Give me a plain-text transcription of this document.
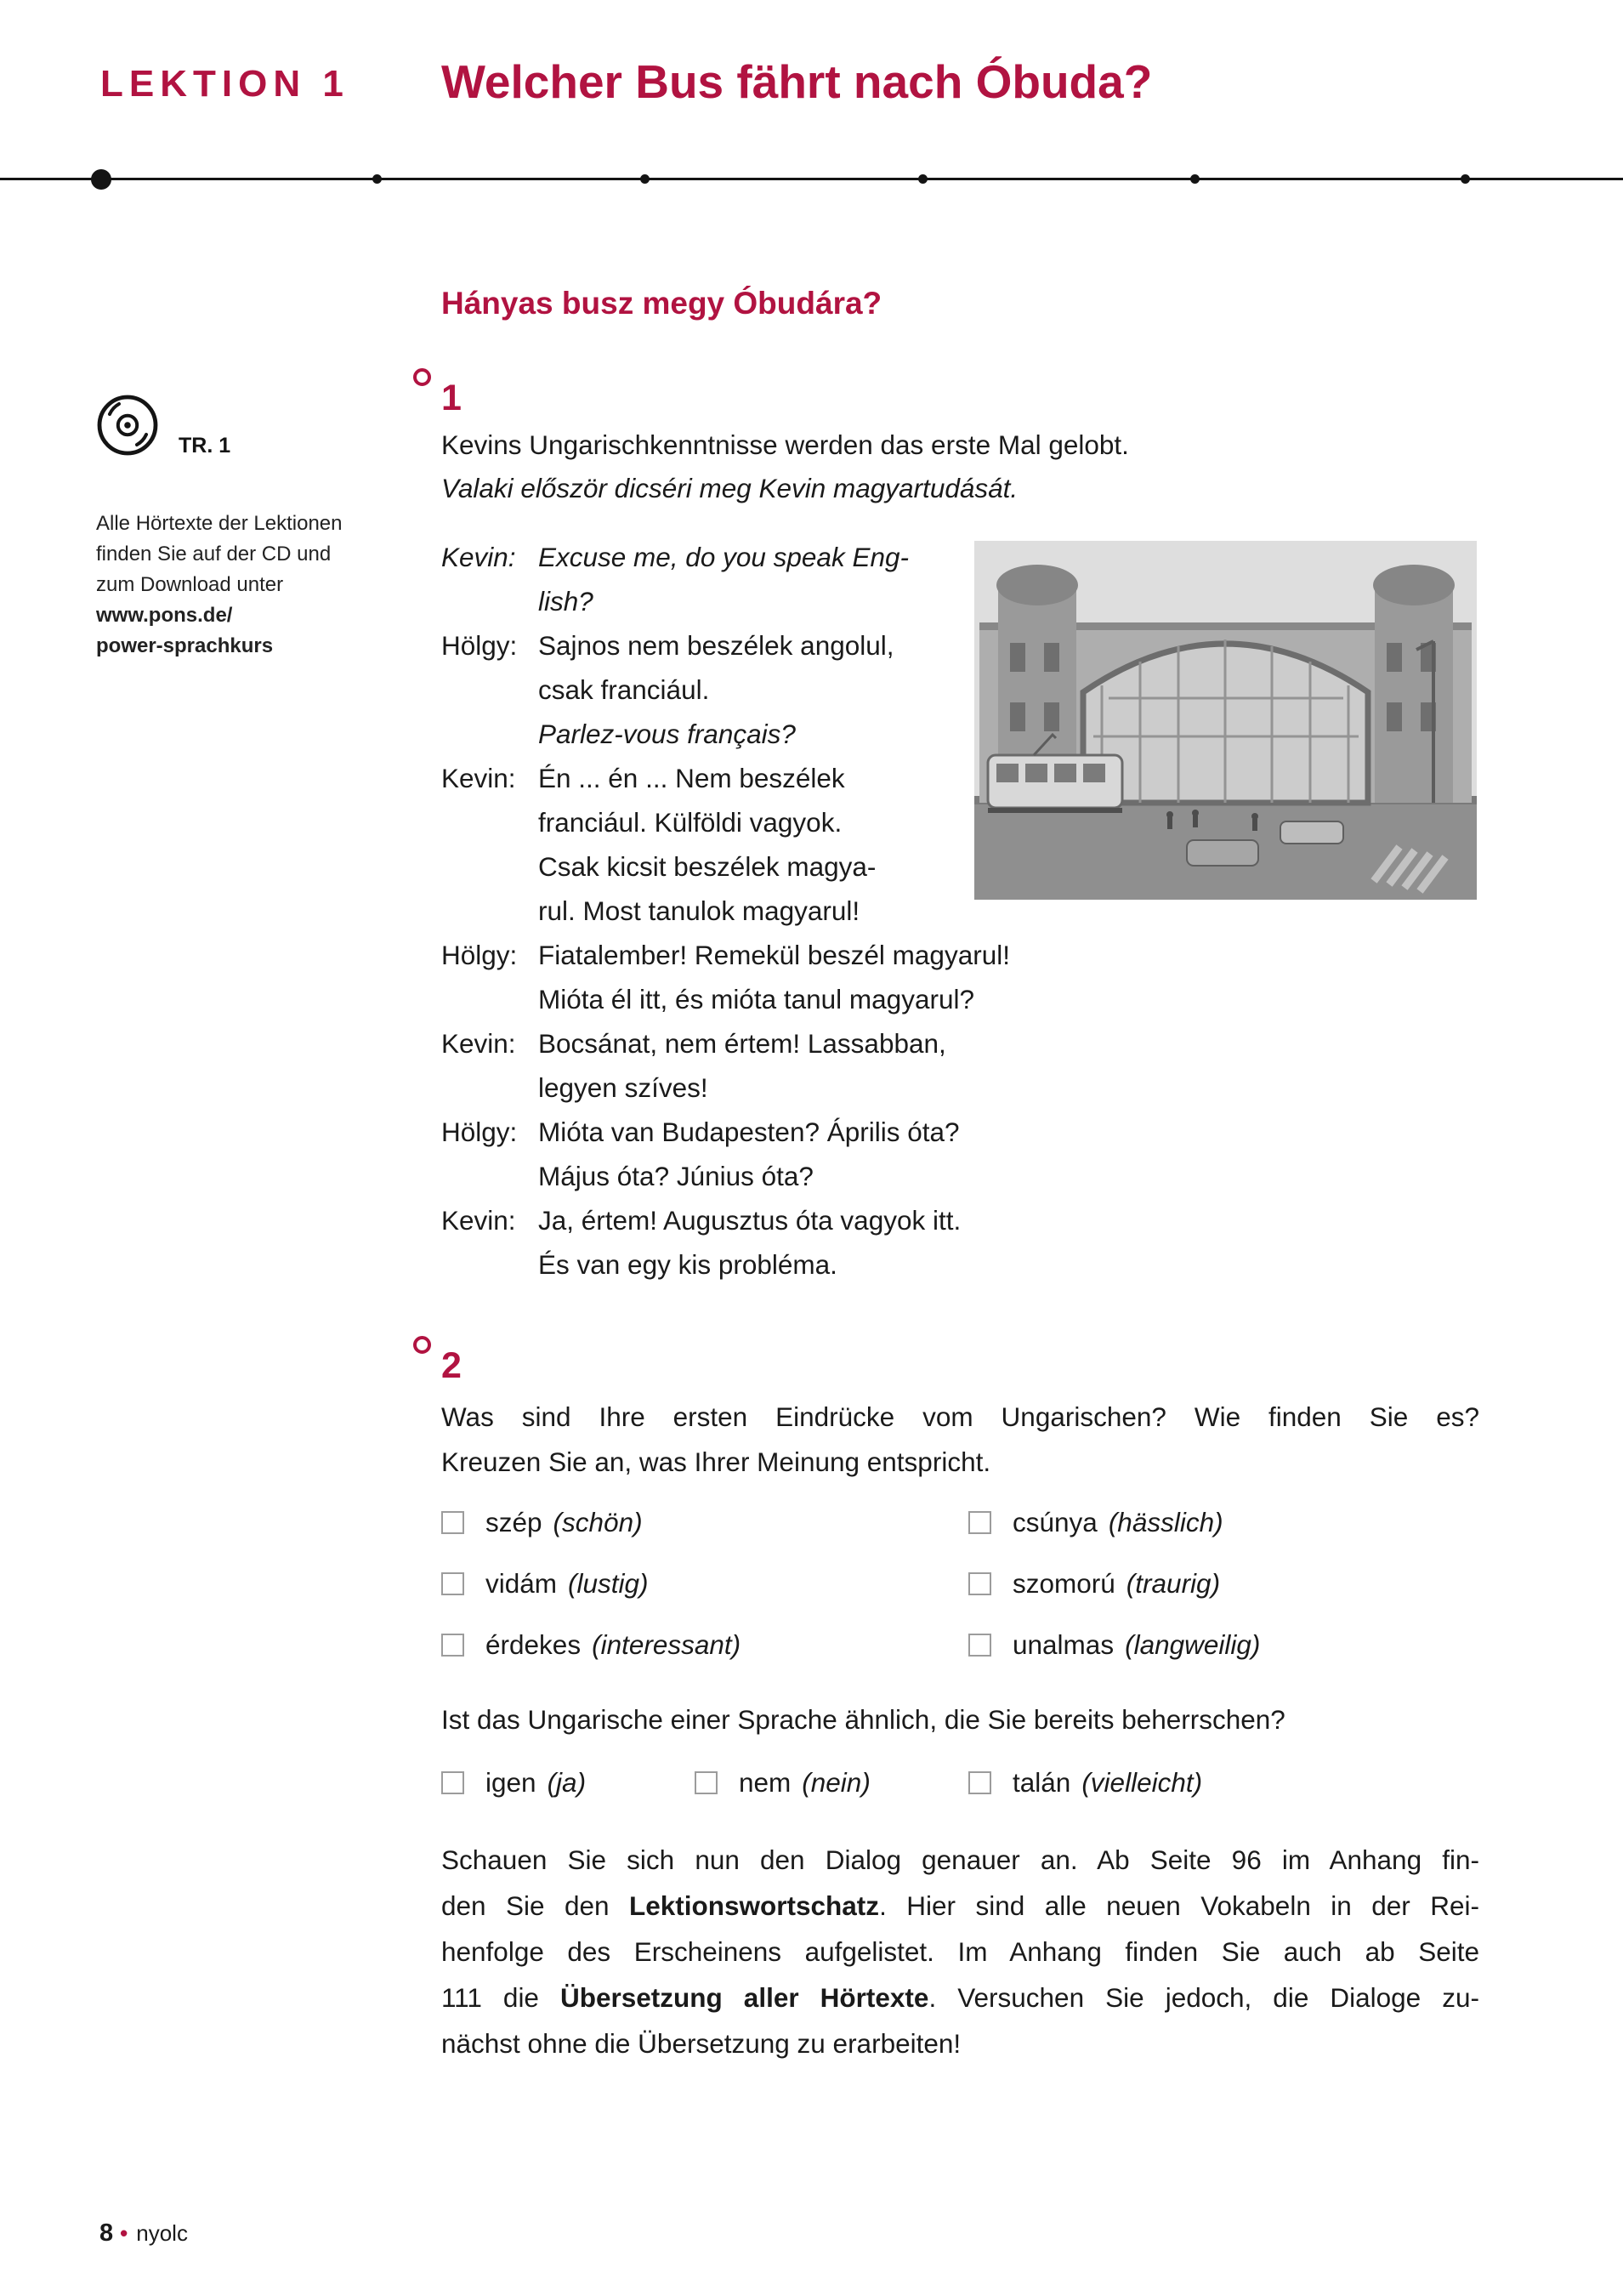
LEKTION 1 Welcher Bus fährt nach Óbuda?
TR. 1
Alle Hörtexte der Lektionen
finden Sie auf der CD und
zum Download unter
www.pons.de/
power-sprachkurs
Hányas busz megy Óbudára?
1
Kevins Ungarischkenntnisse werden das erste Mal gelobt.
Valaki először dicséri meg Kevin magyartudását.
Kevin: Excuse me, do you speak Eng-
lish?
Hölgy: Sajnos nem beszélek angolul,
csak franciául.
Parlez-vous français?
Kevin: Én ... én ... Nem beszélek
franciául. Külföldi vagyok.
Csak kicsit beszélek magya-
rul. Most tanulok magyarul!
Hölgy: Fiatalember! Remekül beszél magyarul!
Mióta él itt, és mióta tanul magyarul?
Kevin: Bocsánat, nem értem! Lassabban,
legyen szíves!
Hölgy: Mióta van Budapesten? Április óta?
Május óta? Június óta?
Kevin: Ja, értem! Augusztus óta vagyok itt.
És van egy kis probléma.
2
Was sind Ihre ersten Eindrücke vom Ungarischen? Wie finden Sie es?
Kreuzen Sie an, was Ihrer Meinung entspricht.
szép (schön)
vidám (lustig)
érdekes (interessant)
csúnya (hässlich)
szomorú (traurig)
unalmas (langweilig)
Ist das Ungarische einer Sprache ähnlich, die Sie bereits beherrschen?
igen (ja)	nem (nein)	talán (vielleicht)
Schauen Sie sich nun den Dialog genauer an. Ab Seite 96 im Anhang fin-
den Sie den Lektionswortschatz. Hier sind alle neuen Vokabeln in der Rei-
henfolge des Erscheinens aufgelistet. Im Anhang finden Sie auch ab Seite
111 die Übersetzung aller Hörtexte. Versuchen Sie jedoch, die Dialoge zu-
nächst ohne die Übersetzung zu erarbeiten!
8 • nyolc
